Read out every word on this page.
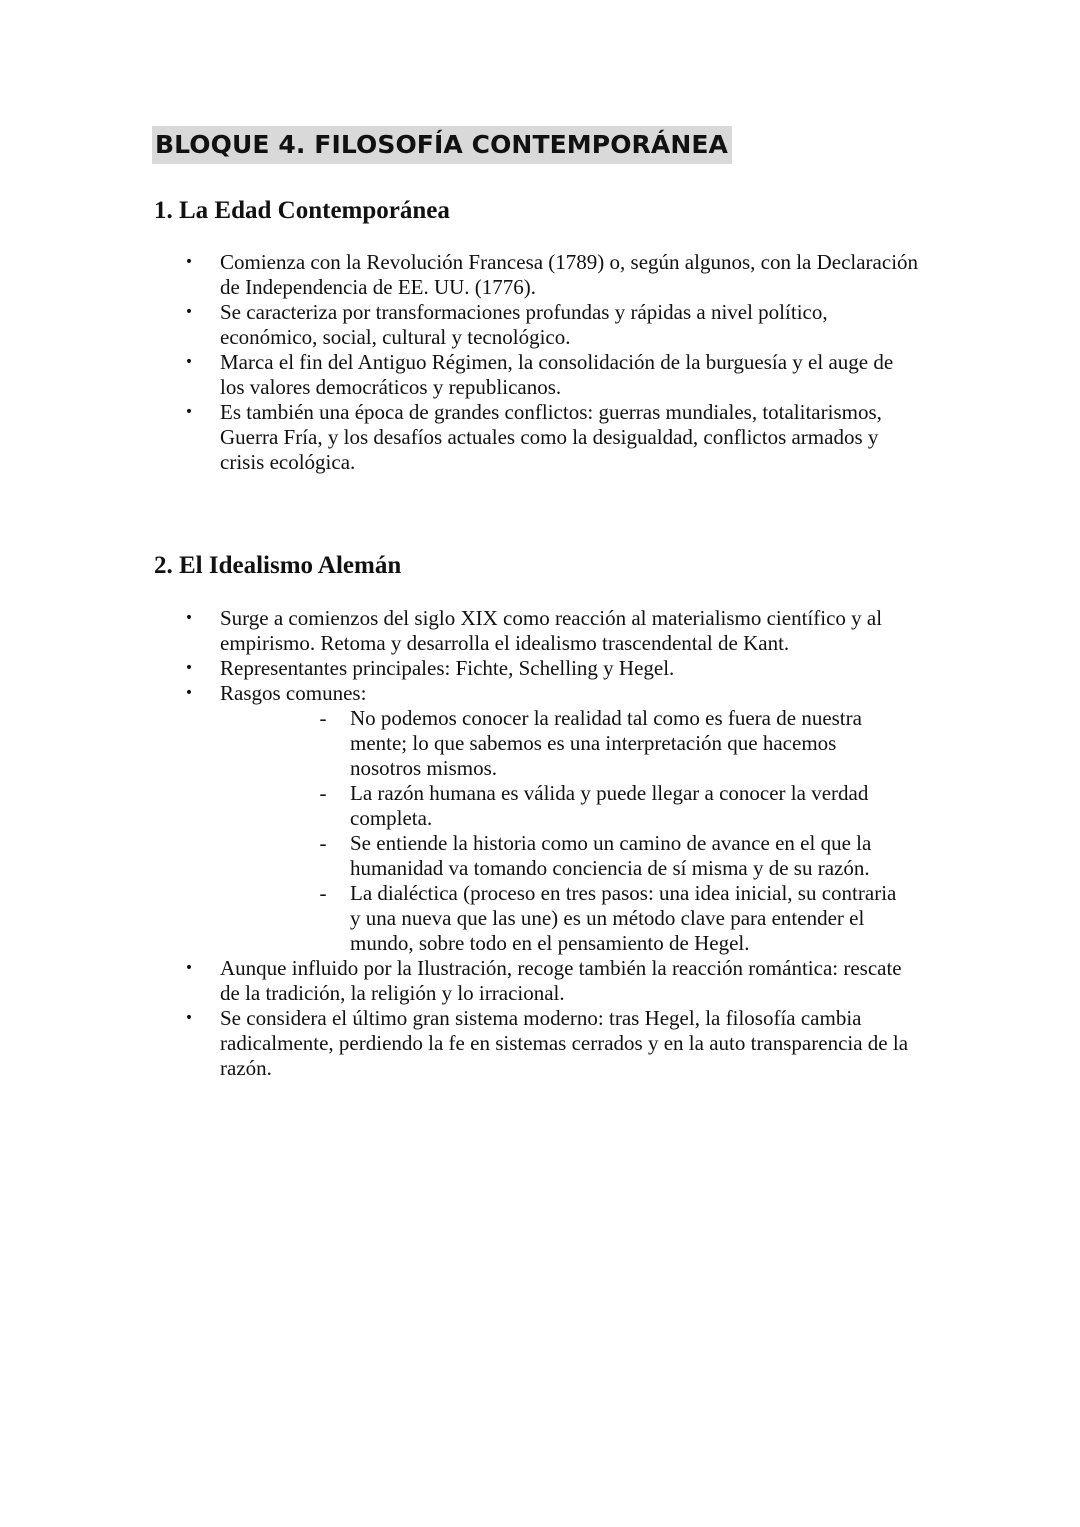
BLOQUE 4. FILOSOFÍA CONTEMPORÁNEA
1. La Edad Contemporánea
• Comienza con la Revolución Francesa (1789) o, según algunos, con la Declaración de Independencia de EE. UU. (1776).
• Se caracteriza por transformaciones profundas y rápidas a nivel político, económico, social, cultural y tecnológico.
• Marca el fin del Antiguo Régimen, la consolidación de la burguesía y el auge de los valores democráticos y republicanos.
• Es también una época de grandes conflictos: guerras mundiales, totalitarismos, Guerra Fría, y los desafíos actuales como la desigualdad, conflictos armados y crisis ecológica.
2. El Idealismo Alemán
• Surge a comienzos del siglo XIX como reacción al materialismo científico y al empirismo. Retoma y desarrolla el idealismo trascendental de Kant.
• Representantes principales: Fichte, Schelling y Hegel.
• Rasgos comunes:
- No podemos conocer la realidad tal como es fuera de nuestra mente; lo que sabemos es una interpretación que hacemos nosotros mismos.
- La razón humana es válida y puede llegar a conocer la verdad completa.
- Se entiende la historia como un camino de avance en el que la humanidad va tomando conciencia de sí misma y de su razón.
- La dialéctica (proceso en tres pasos: una idea inicial, su contraria y una nueva que las une) es un método clave para entender el mundo, sobre todo en el pensamiento de Hegel.
• Aunque influido por la Ilustración, recoge también la reacción romántica: rescate de la tradición, la religión y lo irracional.
• Se considera el último gran sistema moderno: tras Hegel, la filosofía cambia radicalmente, perdiendo la fe en sistemas cerrados y en la auto transparencia de la razón.
